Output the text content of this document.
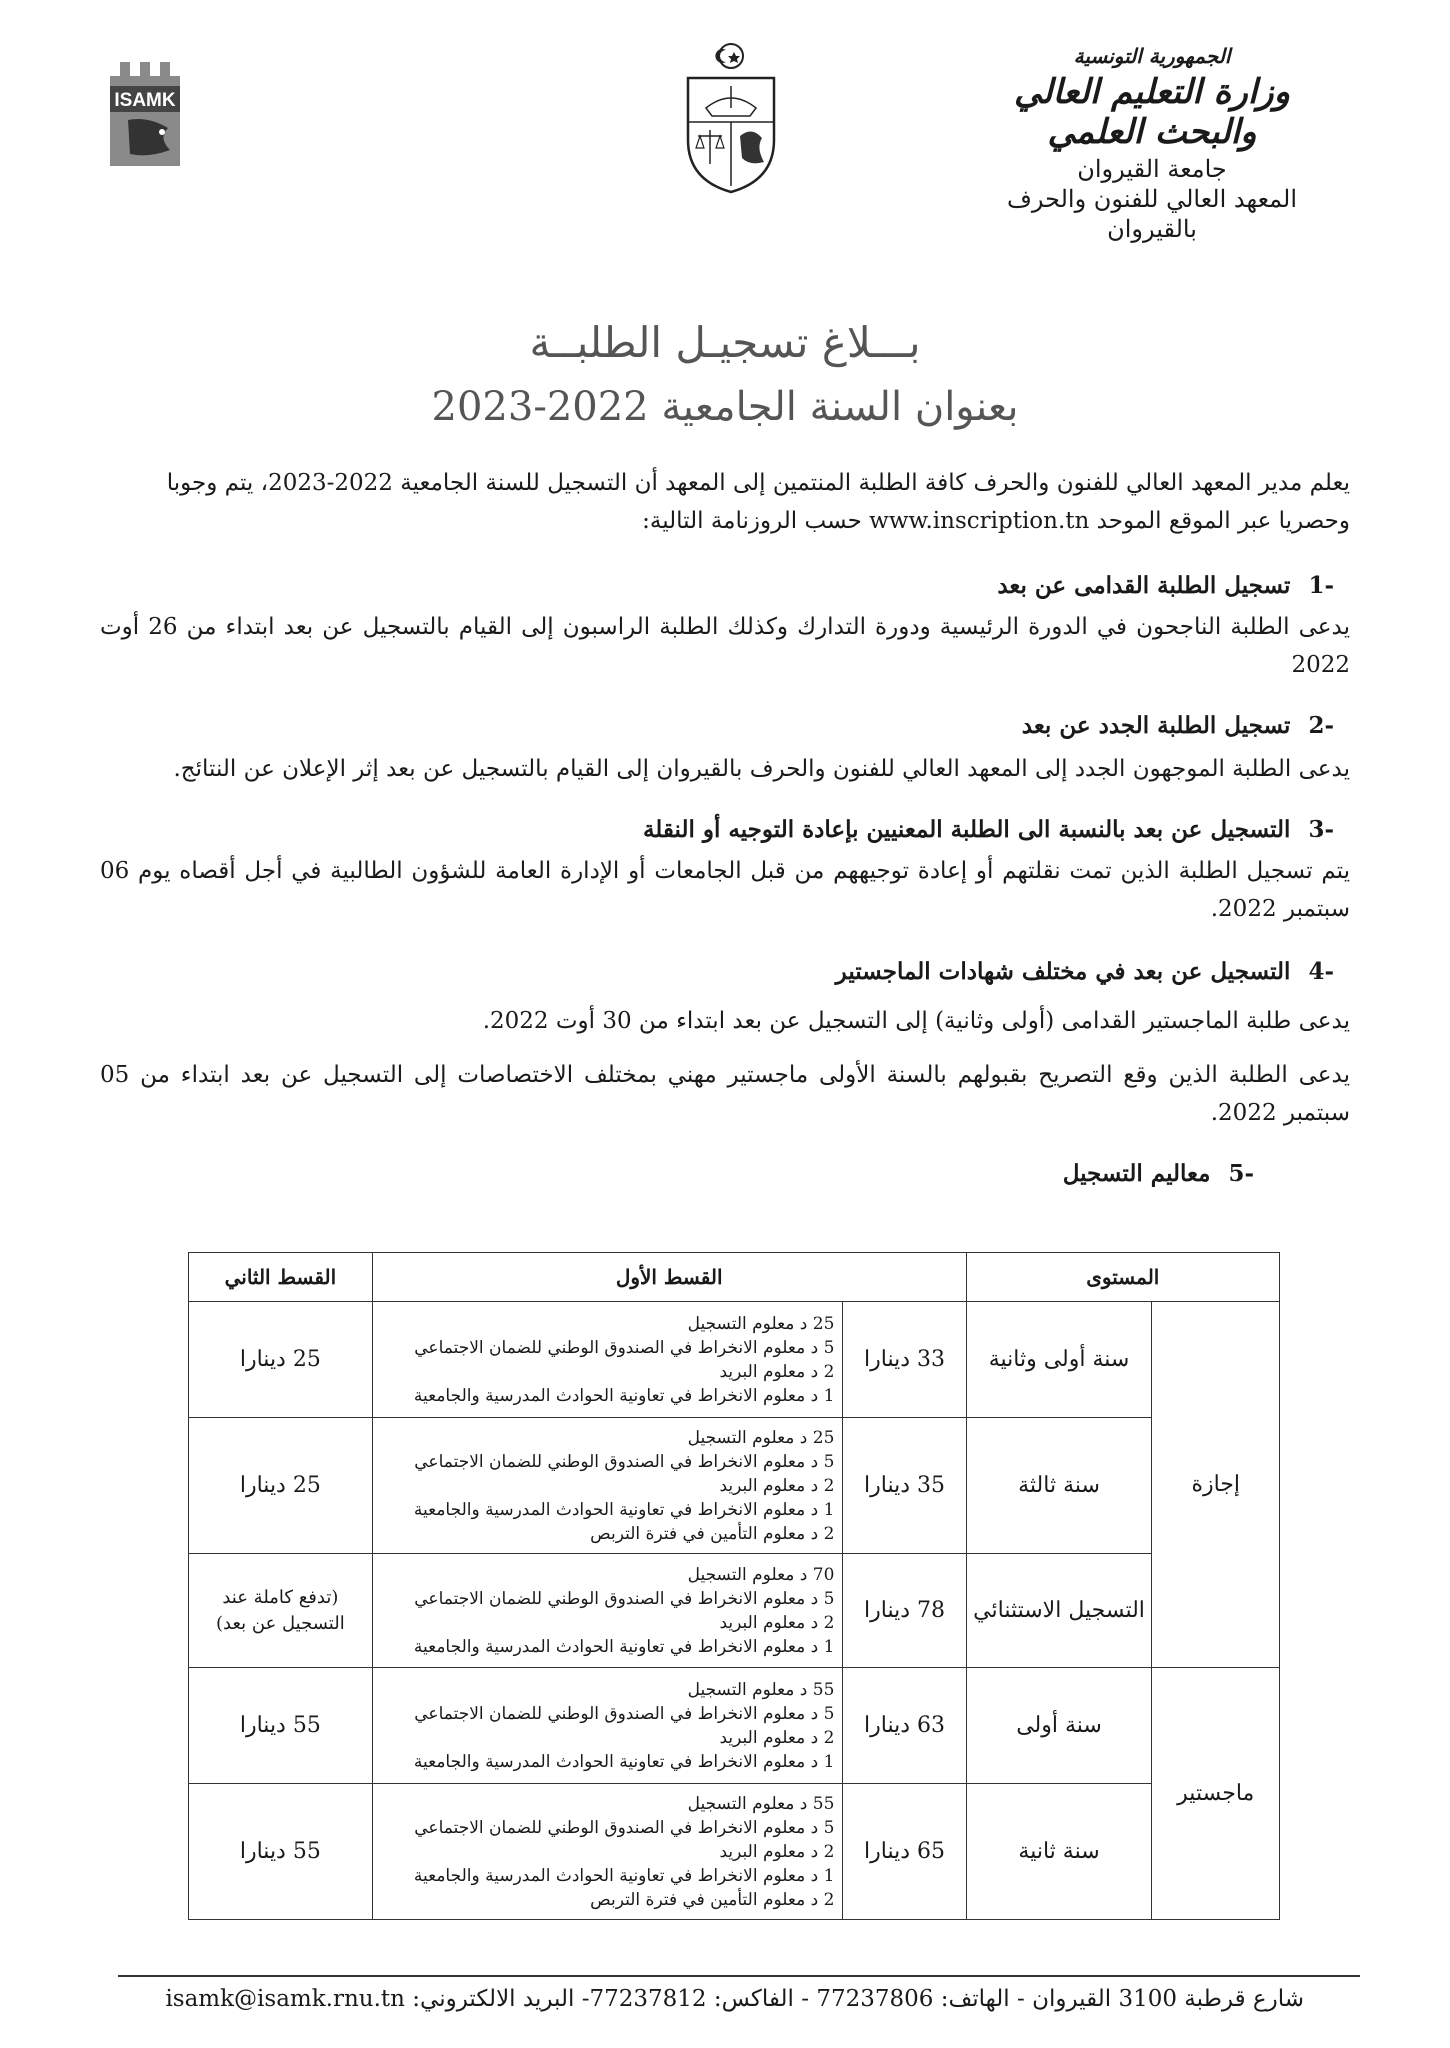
ISAMK
الجمهورية التونسية
وزارة التعليم العالي
والبحث العلمي
جامعة القيروان
المعهد العالي للفنون والحرف
بالقيروان
بـــلاغ تسجيـل الطلبــة
بعنوان السنة الجامعية 2022-2023
يعلم مدير المعهد العالي للفنون والحرف كافة الطلبة المنتمين إلى المعهد أن التسجيل للسنة الجامعية 2022-2023، يتم وجوبا
وحصريا عبر الموقع الموحد www.inscription.tn حسب الروزنامة التالية:
-1تسجيل الطلبة القدامى عن بعد
يدعى الطلبة الناجحون في الدورة الرئيسية ودورة التدارك وكذلك الطلبة الراسبون إلى القيام بالتسجيل عن بعد ابتداء من 26 أوت 2022
-2تسجيل الطلبة الجدد عن بعد
يدعى الطلبة الموجهون الجدد إلى المعهد العالي للفنون والحرف بالقيروان إلى القيام بالتسجيل عن بعد إثر الإعلان عن النتائج.
-3التسجيل عن بعد بالنسبة الى الطلبة المعنيين بإعادة التوجيه أو النقلة
يتم تسجيل الطلبة الذين تمت نقلتهم أو إعادة توجيههم من قبل الجامعات أو الإدارة العامة للشؤون الطالبية في أجل أقصاه يوم 06 سبتمبر 2022.
-4التسجيل عن بعد في مختلف شهادات الماجستير
يدعى طلبة الماجستير القدامى (أولى وثانية) إلى التسجيل عن بعد ابتداء من 30 أوت 2022.
يدعى الطلبة الذين وقع التصريح بقبولهم بالسنة الأولى ماجستير مهني بمختلف الاختصاصات إلى التسجيل عن بعد ابتداء من 05 سبتمبر 2022.
-5معاليم التسجيل
المستوى		القسط الأول		القسط الثاني
إجازة	سنة أولى وثانية	33 دينارا	25 د معلوم التسجيل
5 د معلوم الانخراط في الصندوق الوطني للضمان الاجتماعي
2 د معلوم البريد
1 د معلوم الانخراط في تعاونية الحوادث المدرسية والجامعية	25 دينارا
	سنة ثالثة	35 دينارا	25 د معلوم التسجيل
5 د معلوم الانخراط في الصندوق الوطني للضمان الاجتماعي
2 د معلوم البريد
1 د معلوم الانخراط في تعاونية الحوادث المدرسية والجامعية
2 د معلوم التأمين في فترة التربص	25 دينارا
	التسجيل الاستثنائي	78 دينارا	70 د معلوم التسجيل
5 د معلوم الانخراط في الصندوق الوطني للضمان الاجتماعي
2 د معلوم البريد
1 د معلوم الانخراط في تعاونية الحوادث المدرسية والجامعية	(تدفع كاملة عند التسجيل عن بعد)
ماجستير	سنة أولى	63 دينارا	55 د معلوم التسجيل
5 د معلوم الانخراط في الصندوق الوطني للضمان الاجتماعي
2 د معلوم البريد
1 د معلوم الانخراط في تعاونية الحوادث المدرسية والجامعية	55 دينارا
	سنة ثانية	65 دينارا	55 د معلوم التسجيل
5 د معلوم الانخراط في الصندوق الوطني للضمان الاجتماعي
2 د معلوم البريد
1 د معلوم الانخراط في تعاونية الحوادث المدرسية والجامعية
2 د معلوم التأمين في فترة التربص	55 دينارا
شارع قرطبة 3100 القيروان - الهاتف: 77237806 - الفاكس: 77237812- البريد الالكتروني: isamk@isamk.rnu.tn
